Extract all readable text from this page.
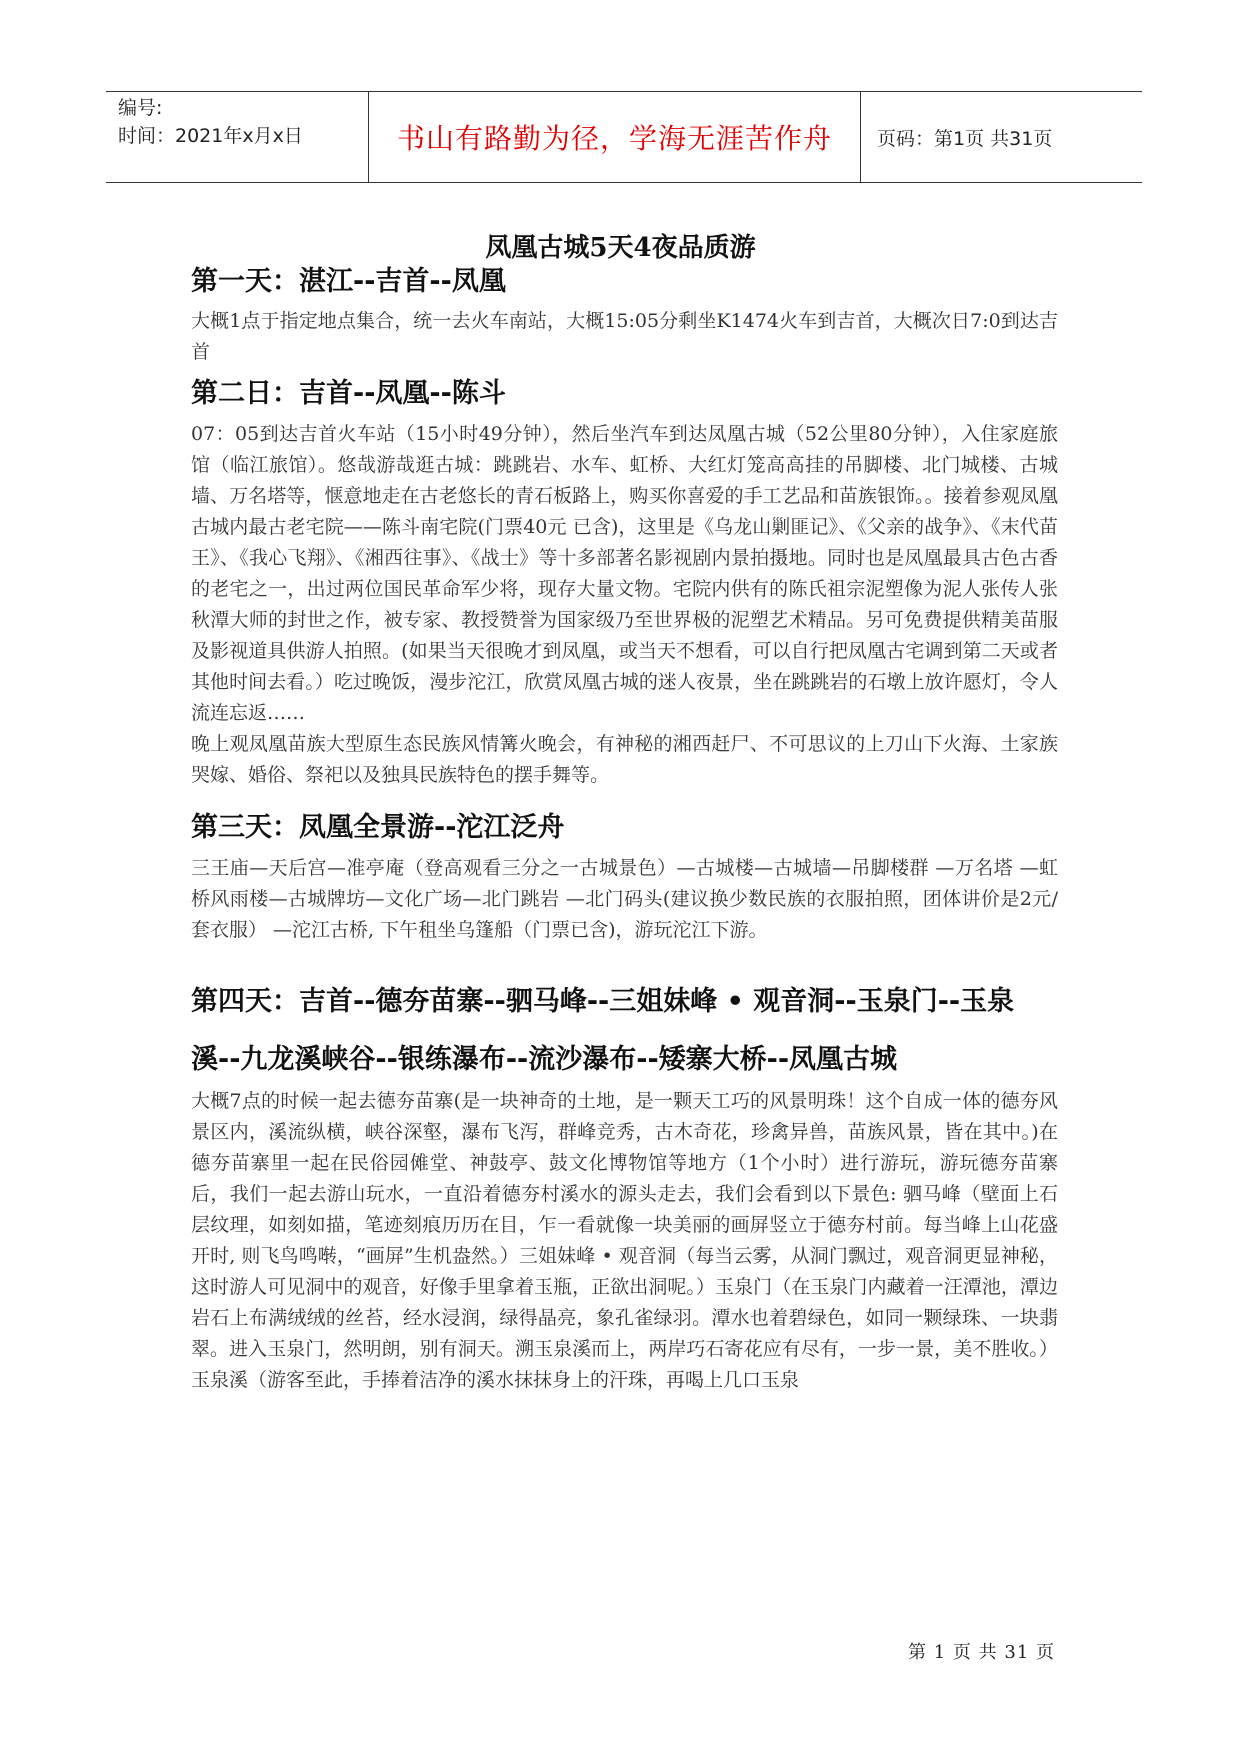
编号:
时间：2021年x月x日	书山有路勤为径，学海无涯苦作舟	页码：第1页 共31页
凤凰古城5天4夜品质游
第一天：湛江--吉首--凤凰

大概1点于指定地点集合，统一去火车南站，大概15:05分剩坐K1474火车到吉首，大概次日7:0到达吉首

第二日：吉首--凤凰--陈斗

07：05到达吉首火车站（15小时49分钟），然后坐汽车到达凤凰古城（52公里80分钟），入住家庭旅馆（临江旅馆）。悠哉游哉逛古城：跳跳岩、水车、虹桥、大红灯笼高高挂的吊脚楼、北门城楼、古城墙、万名塔等，惬意地走在古老悠长的青石板路上，购买你喜爱的手工艺品和苗族银饰。。接着参观凤凰古城内最古老宅院——陈斗南宅院(门票40元 已含)，这里是《乌龙山剿匪记》、《父亲的战争》、《末代苗王》、《我心飞翔》、《湘西往事》、《战士》等十多部著名影视剧内景拍摄地。同时也是凤凰最具古色古香的老宅之一，出过两位国民革命军少将，现存大量文物。宅院内供有的陈氏祖宗泥塑像为泥人张传人张秋潭大师的封世之作，被专家、教授赞誉为国家级乃至世界极的泥塑艺术精品。另可免费提供精美苗服及影视道具供游人拍照。(如果当天很晚才到凤凰，或当天不想看，可以自行把凤凰古宅调到第二天或者其他时间去看。）吃过晚饭，漫步沱江，欣赏凤凰古城的迷人夜景，坐在跳跳岩的石墩上放许愿灯，令人流连忘返……

晚上观凤凰苗族大型原生态民族风情篝火晚会，有神秘的湘西赶尸、不可思议的上刀山下火海、土家族哭嫁、婚俗、祭祀以及独具民族特色的摆手舞等。

第三天：凤凰全景游--沱江泛舟

三王庙—天后宫—准亭庵（登高观看三分之一古城景色）—古城楼—古城墙—吊脚楼群 —万名塔 —虹桥风雨楼—古城牌坊—文化广场—北门跳岩 —北门码头(建议换少数民族的衣服拍照，团体讲价是2元/套衣服） —沱江古桥, 下午租坐乌篷船（门票已含)，游玩沱江下游。

第四天：吉首--德夯苗寨--驷马峰--三姐妹峰 • 观音洞--玉泉门--玉泉
溪--九龙溪峡谷--银练瀑布--流沙瀑布--矮寨大桥--凤凰古城

大概7点的时候一起去德夯苗寨(是一块神奇的土地，是一颗天工巧的风景明珠！这个自成一体的德夯风景区内，溪流纵横，峡谷深壑，瀑布飞泻，群峰竞秀，古木奇花，珍禽异兽，苗族风景，皆在其中。)在德夯苗寨里一起在民俗园傩堂、神鼓亭、鼓文化博物馆等地方（1个小时）进行游玩，游玩德夯苗寨后，我们一起去游山玩水，一直沿着德夯村溪水的源头走去，我们会看到以下景色: 驷马峰（壁面上石层纹理，如刻如描，笔迹刻痕历历在目，乍一看就像一块美丽的画屏竖立于德夯村前。每当峰上山花盛开时, 则飞鸟鸣啭，“画屏”生机盎然。）三姐妹峰 • 观音洞（每当云雾，从洞门飘过，观音洞更显神秘，这时游人可见洞中的观音，好像手里拿着玉瓶，正欲出洞呢。）玉泉门（在玉泉门内藏着一汪潭池，潭边岩石上布满绒绒的丝苔，经水浸润，绿得晶亮，象孔雀绿羽。潭水也着碧绿色，如同一颗绿珠、一块翡翠。进入玉泉门，然明朗，别有洞天。溯玉泉溪而上，两岸巧石寄花应有尽有，一步一景，美不胜收。）玉泉溪（游客至此，手捧着洁净的溪水抹抹身上的汗珠，再喝上几口玉泉

第 1 页 共 31 页
